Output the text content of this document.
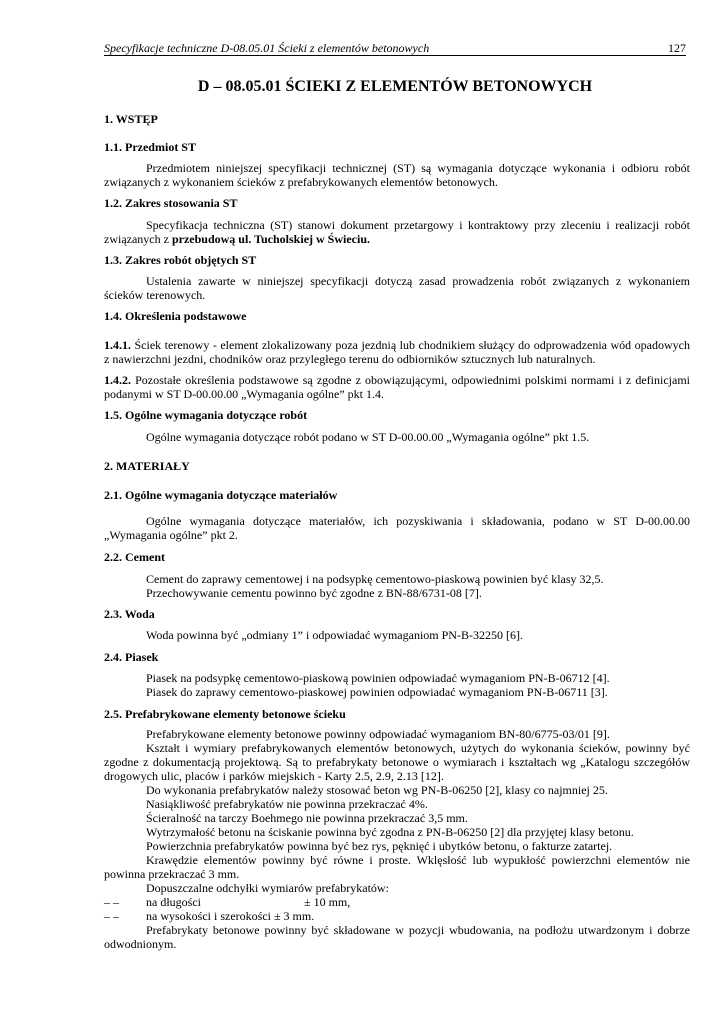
Specyfikacje techniczne D-08.05.01 Ścieki z elementów betonowych	127
D – 08.05.01 ŚCIEKI Z ELEMENTÓW BETONOWYCH
1. WSTĘP
1.1. Przedmiot ST
Przedmiotem niniejszej specyfikacji technicznej (ST) są wymagania dotyczące wykonania i odbioru robót związanych z wykonaniem ścieków z prefabrykowanych elementów betonowych.
1.2. Zakres stosowania ST
Specyfikacja techniczna (ST) stanowi dokument przetargowy i kontraktowy przy zleceniu i realizacji robót związanych z przebudową ul. Tucholskiej w Świeciu.
1.3. Zakres robót objętych ST
Ustalenia zawarte w niniejszej specyfikacji dotyczą zasad prowadzenia robót związanych z wykonaniem ścieków terenowych.
1.4. Określenia podstawowe
1.4.1. Ściek terenowy - element zlokalizowany poza jezdnią lub chodnikiem służący do odprowadzenia wód opadowych z nawierzchni jezdni, chodników oraz przyległego terenu do odbiorników sztucznych lub naturalnych.
1.4.2. Pozostałe określenia podstawowe są zgodne z obowiązującymi, odpowiednimi polskimi normami i z definicjami podanymi w ST D-00.00.00 „Wymagania ogólne” pkt 1.4.
1.5. Ogólne wymagania dotyczące robót
Ogólne wymagania dotyczące robót podano w ST D-00.00.00 „Wymagania ogólne” pkt 1.5.
2. MATERIAŁY
2.1. Ogólne wymagania dotyczące materiałów
Ogólne wymagania dotyczące materiałów, ich pozyskiwania i składowania, podano w ST D-00.00.00 „Wymagania ogólne” pkt 2.
2.2. Cement
Cement do zaprawy cementowej i na podsypkę cementowo-piaskową powinien być klasy 32,5.
Przechowywanie cementu powinno być zgodne z BN-88/6731-08 [7].
2.3. Woda
Woda powinna być „odmiany 1” i odpowiadać wymaganiom PN-B-32250 [6].
2.4. Piasek
Piasek na podsypkę cementowo-piaskową powinien odpowiadać wymaganiom PN-B-06712 [4].
Piasek do zaprawy cementowo-piaskowej powinien odpowiadać wymaganiom PN-B-06711 [3].
2.5. Prefabrykowane elementy betonowe ścieku
Prefabrykowane elementy betonowe powinny odpowiadać wymaganiom BN-80/6775-03/01 [9].
Kształt i wymiary prefabrykowanych elementów betonowych, użytych do wykonania ścieków, powinny być zgodne z dokumentacją projektową. Są to prefabrykaty betonowe o wymiarach i kształtach wg „Katalogu szczegółów drogowych ulic, placów i parków miejskich - Karty 2.5, 2.9, 2.13 [12].
Do wykonania prefabrykatów należy stosować beton wg PN-B-06250 [2], klasy co najmniej 25.
Nasiąkliwość prefabrykatów nie powinna przekraczać 4%.
Ścieralność na tarczy Boehmego nie powinna przekraczać 3,5 mm.
Wytrzymałość betonu na ściskanie powinna być zgodna z PN-B-06250 [2] dla przyjętej klasy betonu.
Powierzchnia prefabrykatów powinna być bez rys, pęknięć i ubytków betonu, o fakturze zatartej.
Krawędzie elementów powinny być równe i proste. Wklęsłość lub wypukłość powierzchni elementów nie powinna przekraczać 3 mm.
Dopuszczalne odchyłki wymiarów prefabrykatów:
– – na długości	± 10 mm,
– – na wysokości i szerokości ± 3 mm.
Prefabrykaty betonowe powinny być składowane w pozycji wbudowania, na podłożu utwardzonym i dobrze odwodnionym.
